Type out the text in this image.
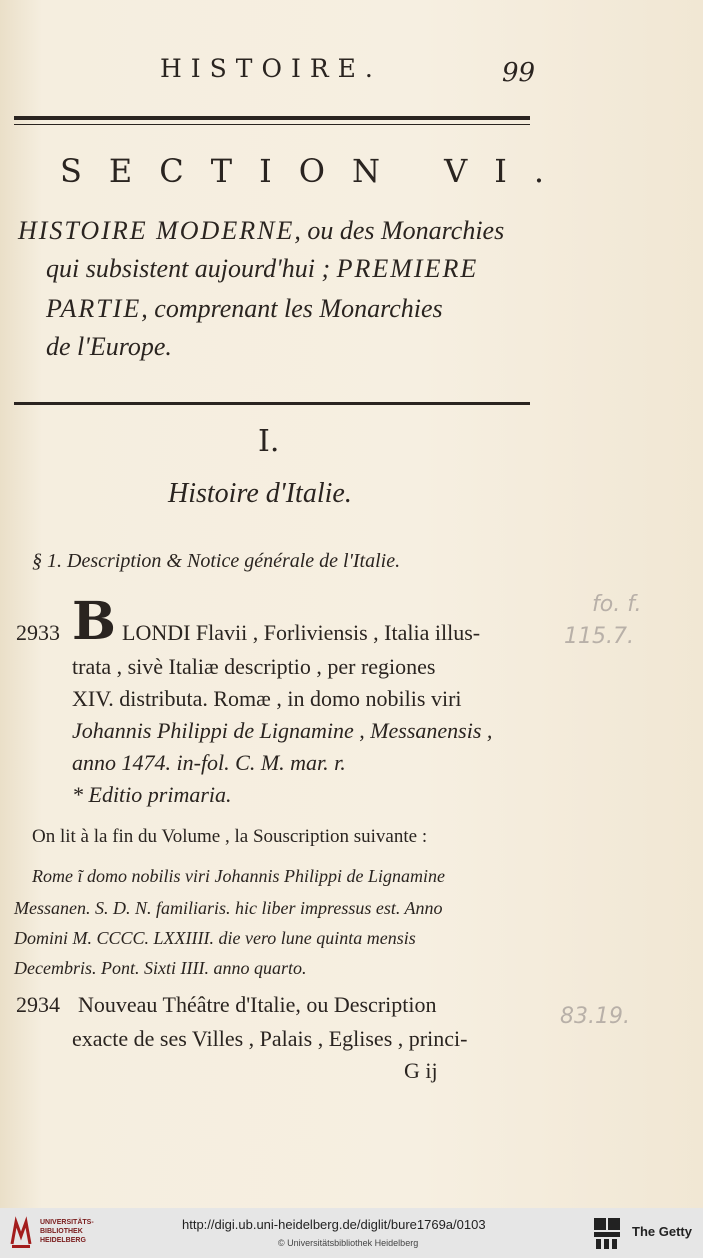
HISTOIRE.	99
SECTION VI.
HISTOIRE MODERNE, ou des Monarchies
qui subsistent aujourd'hui ; PREMIERE
PARTIE, comprenant les Monarchies
de l'Europe.
I.
Histoire d'Italie.
§ 1. Description & Notice générale de l'Italie.
2933 B LONDI Flavii , Forliviensis , Italia illus-
trata , sivè Italiæ descriptio , per regiones
XIV. distributa. Romæ , in domo nobilis viri
Johannis Philippi de Lignamine , Messanensis ,
anno 1474. in-fol. C. M. mar. r.
* Editio primaria.
On lit à la fin du Volume , la Souscription suivante :
Rome ĩ domo nobilis viri Johannis Philippi de Lignamine
Messanen. S. D. N. familiaris. hic liber impressus est. Anno
Domini M. CCCC. LXXIIII. die vero lune quinta mensis
Decembris. Pont. Sixti IIII. anno quarto.
2934 Nouveau Théâtre d'Italie, ou Description
exacte de ses Villes , Palais , Eglises , princi-
G ij
fo. f.
115.7.
83.19.
UNIVERSITÄTS-
BIBLIOTHEK
HEIDELBERG
http://digi.ub.uni-heidelberg.de/diglit/bure1769a/0103
© Universitätsbibliothek Heidelberg
The Getty
